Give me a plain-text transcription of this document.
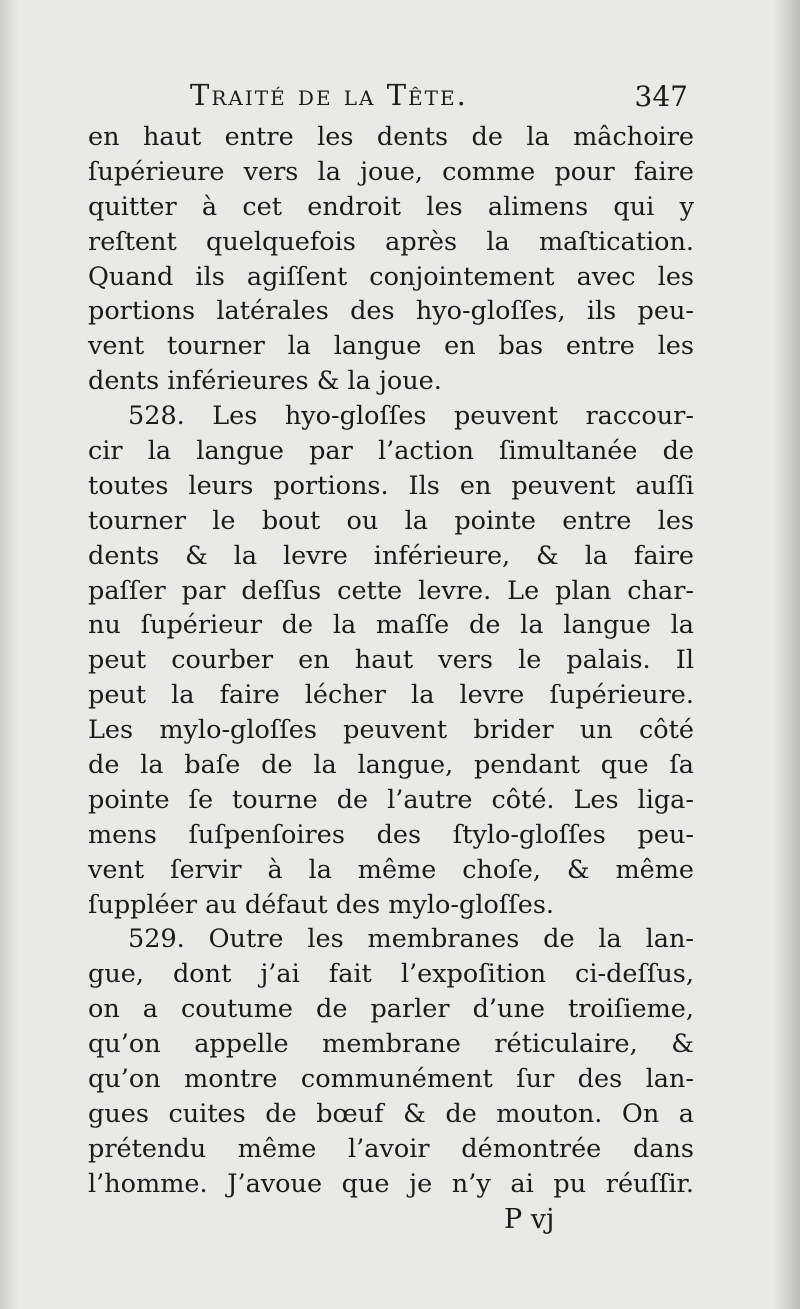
Traité de la Tête.	347
en haut entre les dents de la mâchoire
ſupérieure vers la joue, comme pour faire
quitter à cet endroit les alimens qui y
reſtent quelquefois après la maſtication.
Quand ils agiſſent conjointement avec les
portions latérales des hyo-gloſſes, ils peu-
vent tourner la langue en bas entre les
dents inférieures & la joue.
528. Les hyo-gloſſes peuvent raccour-
cir la langue par l’action ſimultanée de
toutes leurs portions. Ils en peuvent auſſi
tourner le bout ou la pointe entre les
dents & la levre inférieure, & la faire
paſſer par deſſus cette levre. Le plan char-
nu ſupérieur de la maſſe de la langue la
peut courber en haut vers le palais. Il
peut la faire lécher la levre ſupérieure.
Les mylo-gloſſes peuvent brider un côté
de la baſe de la langue, pendant que ſa
pointe ſe tourne de l’autre côté. Les liga-
mens ſuſpenſoires des ſtylo-gloſſes peu-
vent ſervir à la même choſe, & même
ſuppléer au défaut des mylo-gloſſes.
529. Outre les membranes de la lan-
gue, dont j’ai fait l’expoſition ci-deſſus,
on a coutume de parler d’une troiſieme,
qu’on appelle membrane réticulaire, &
qu’on montre communément ſur des lan-
gues cuites de bœuf & de mouton. On a
prétendu même l’avoir démontrée dans
l’homme. J’avoue que je n’y ai pu réuſſir.
P vj
